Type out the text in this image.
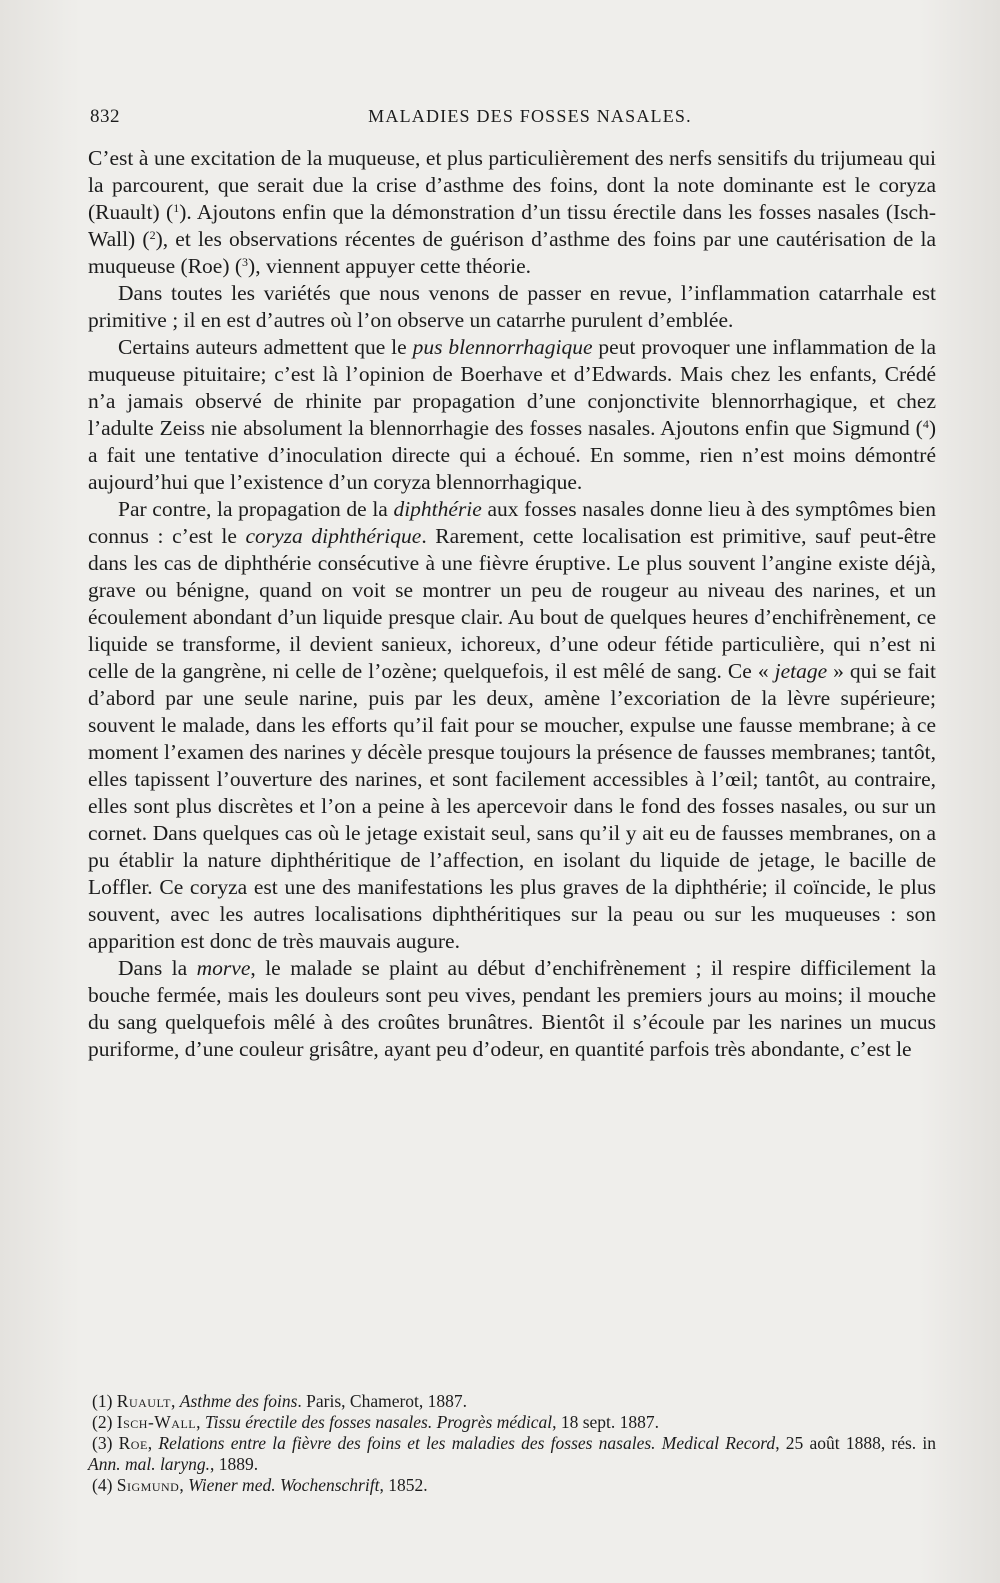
832	MALADIES DES FOSSES NASALES.

C’est à une excitation de la muqueuse, et plus particulièrement des nerfs sensitifs du trijumeau qui la parcourent, que serait due la crise d’asthme des foins, dont la note dominante est le coryza (Ruault) ($^1$). Ajoutons enfin que la démonstration d’un tissu érectile dans les fosses nasales (Isch-Wall) ($^2$), et les observations récentes de guérison d’asthme des foins par une cautérisation de la muqueuse (Roe) ($^3$), viennent appuyer cette théorie.

Dans toutes les variétés que nous venons de passer en revue, l’inflammation catarrhale est primitive ; il en est d’autres où l’on observe un catarrhe purulent d’emblée.

Certains auteurs admettent que le pus blennorrhagique peut provoquer une inflammation de la muqueuse pituitaire; c’est là l’opinion de Boerhave et d’Edwards. Mais chez les enfants, Crédé n’a jamais observé de rhinite par propagation d’une conjonctivite blennorrhagique, et chez l’adulte Zeiss nie absolument la blennorrhagie des fosses nasales. Ajoutons enfin que Sigmund ($^4$) a fait une tentative d’inoculation directe qui a échoué. En somme, rien n’est moins démontré aujourd’hui que l’existence d’un coryza blennorrhagique.

Par contre, la propagation de la diphthérie aux fosses nasales donne lieu à des symptômes bien connus : c’est le coryza diphthérique. Rarement, cette localisation est primitive, sauf peut-être dans les cas de diphthérie consécutive à une fièvre éruptive. Le plus souvent l’angine existe déjà, grave ou bénigne, quand on voit se montrer un peu de rougeur au niveau des narines, et un écoulement abondant d’un liquide presque clair. Au bout de quelques heures d’enchifrènement, ce liquide se transforme, il devient sanieux, ichoreux, d’une odeur fétide particulière, qui n’est ni celle de la gangrène, ni celle de l’ozène; quelquefois, il est mêlé de sang. Ce « jetage » qui se fait d’abord par une seule narine, puis par les deux, amène l’excoriation de la lèvre supérieure; souvent le malade, dans les efforts qu’il fait pour se moucher, expulse une fausse membrane; à ce moment l’examen des narines y décèle presque toujours la présence de fausses membranes; tantôt, elles tapissent l’ouverture des narines, et sont facilement accessibles à l’œil; tantôt, au contraire, elles sont plus discrètes et l’on a peine à les apercevoir dans le fond des fosses nasales, ou sur un cornet. Dans quelques cas où le jetage existait seul, sans qu’il y ait eu de fausses membranes, on a pu établir la nature diphthéritique de l’affection, en isolant du liquide de jetage, le bacille de Loffler. Ce coryza est une des manifestations les plus graves de la diphthérie; il coïncide, le plus souvent, avec les autres localisations diphthéritiques sur la peau ou sur les muqueuses : son apparition est donc de très mauvais augure.

Dans la morve, le malade se plaint au début d’enchifrènement ; il respire difficilement la bouche fermée, mais les douleurs sont peu vives, pendant les premiers jours au moins; il mouche du sang quelquefois mêlé à des croûtes brunâtres. Bientôt il s’écoule par les narines un mucus puriforme, d’une couleur grisâtre, ayant peu d’odeur, en quantité parfois très abondante, c’est le

(1) Ruault, Asthme des foins. Paris, Chamerot, 1887.

(2) Isch-Wall, Tissu érectile des fosses nasales. Progrès médical, 18 sept. 1887.

(3) Roe, Relations entre la fièvre des foins et les maladies des fosses nasales. Medical Record, 25 août 1888, rés. in Ann. mal. laryng., 1889.

(4) Sigmund, Wiener med. Wochenschrift, 1852.
